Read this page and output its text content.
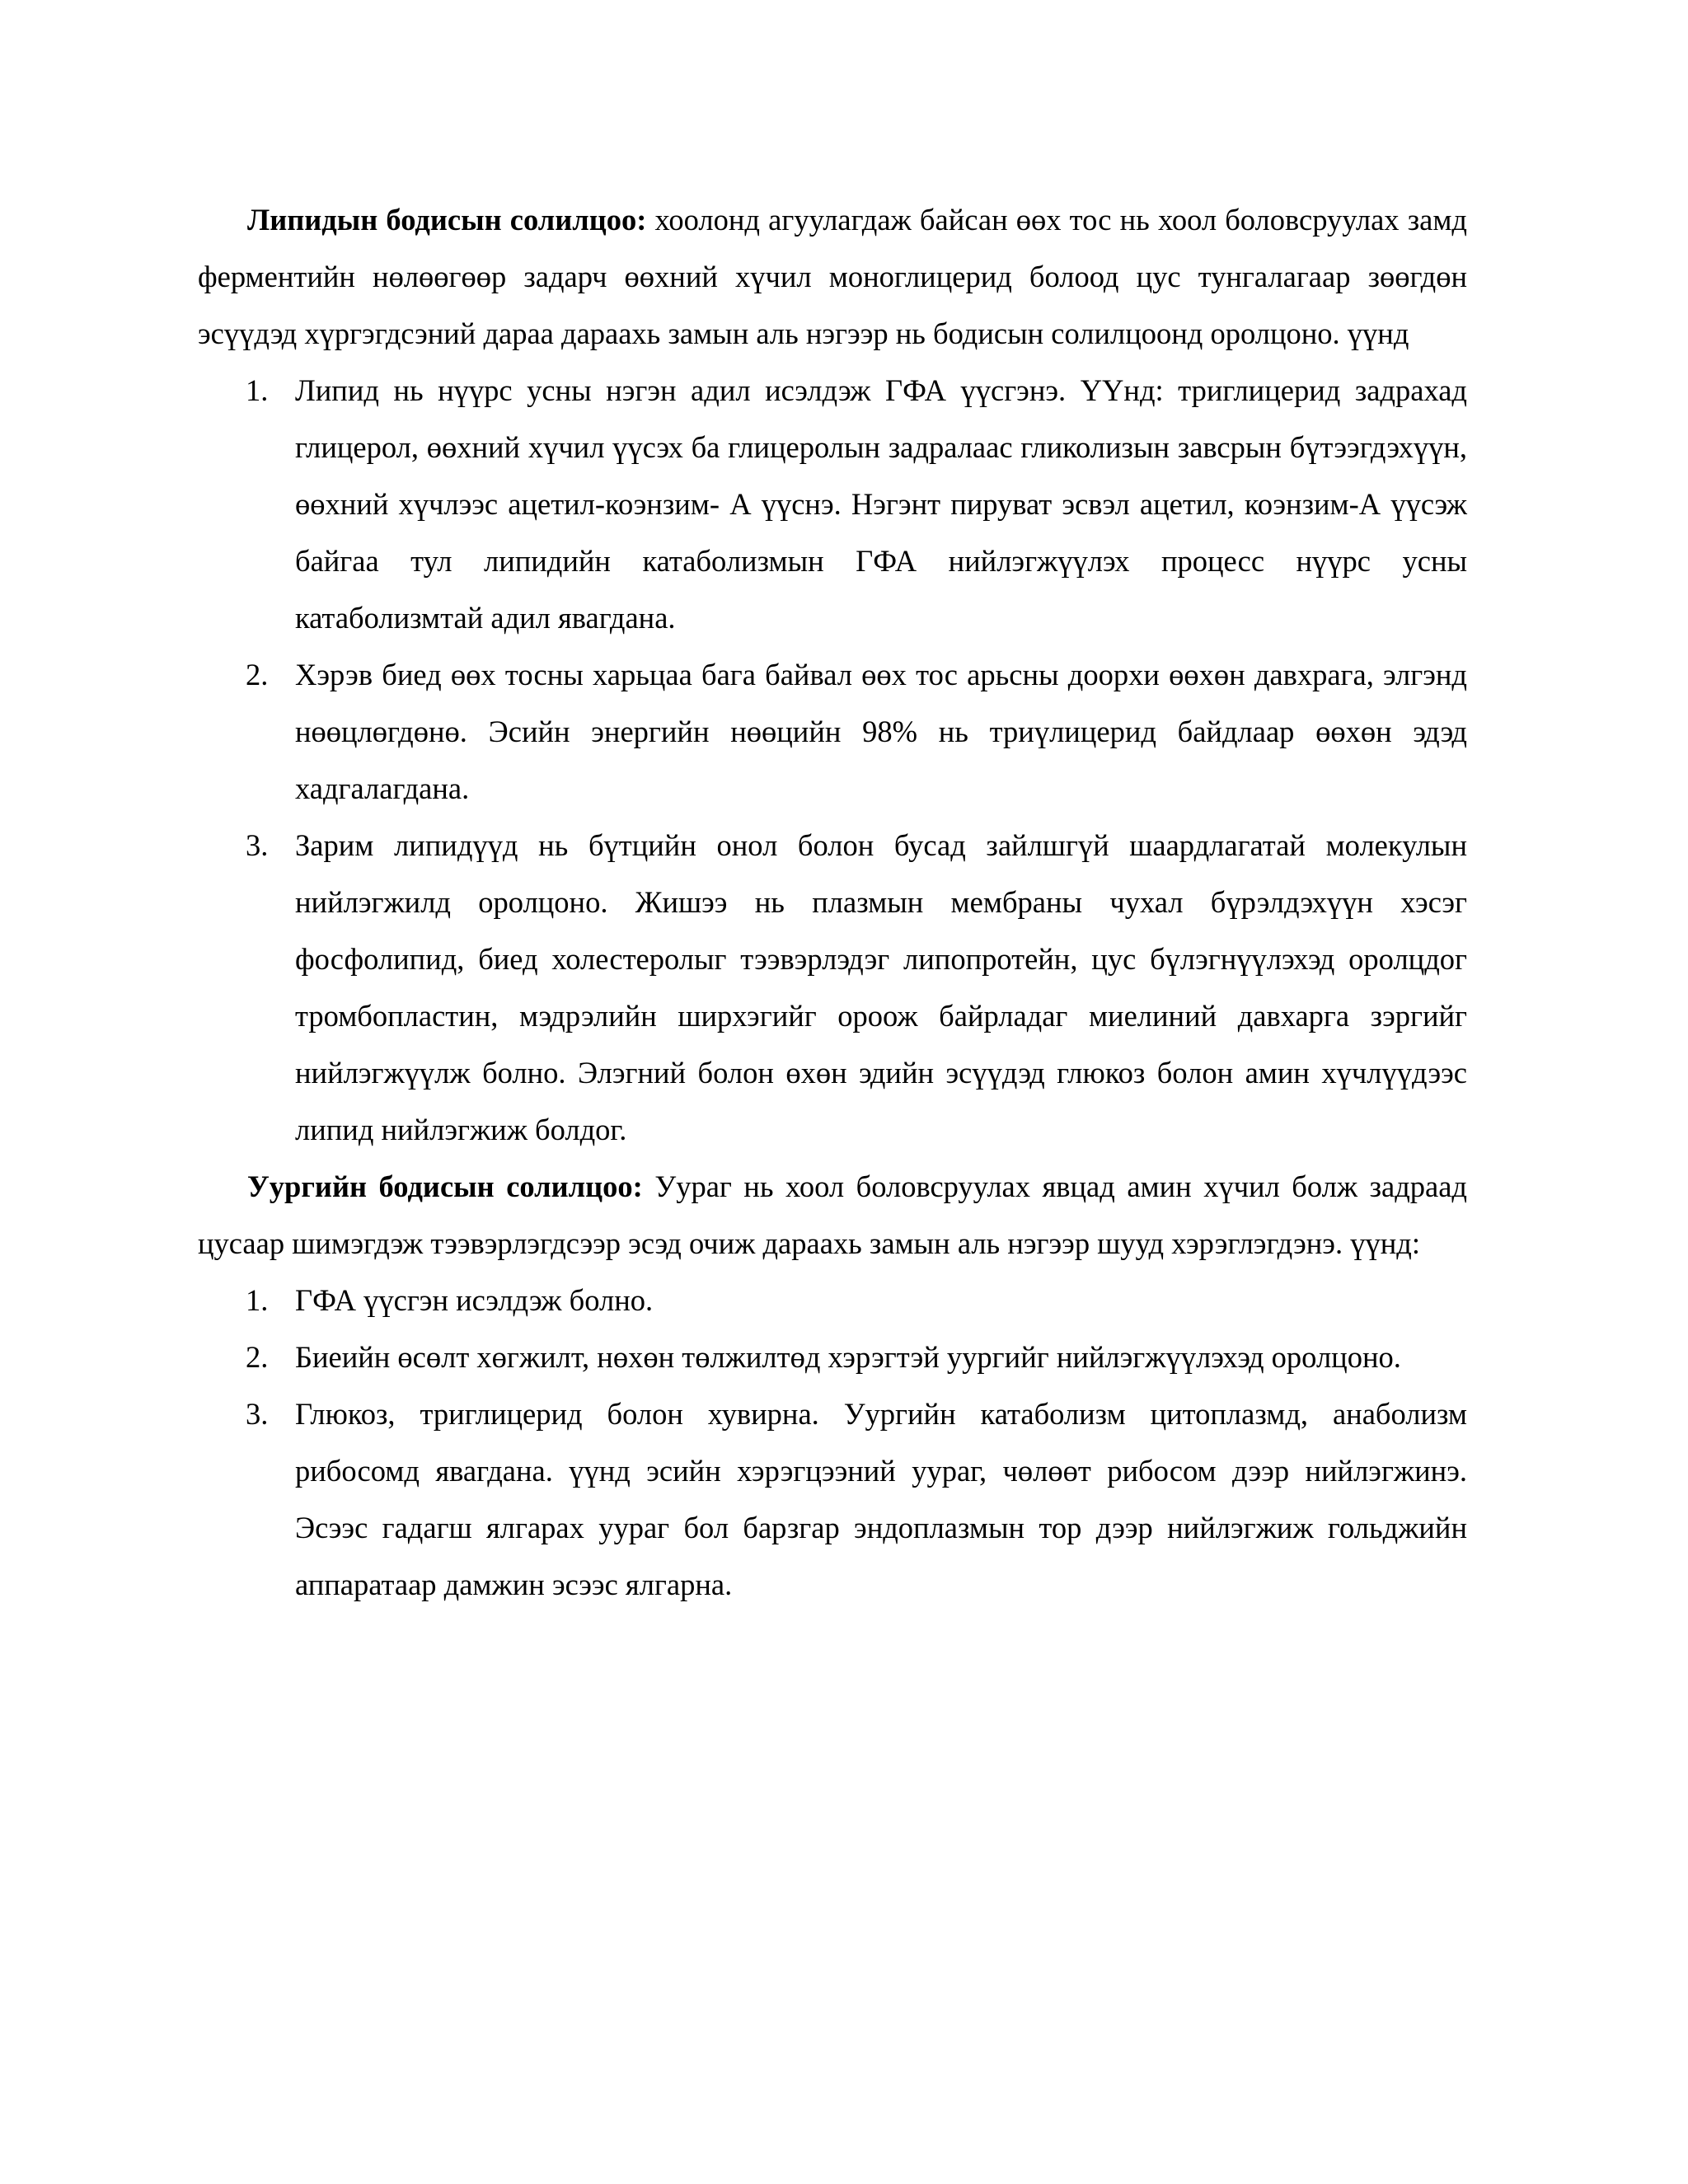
Липидын бодисын солилцоо: хоолонд агуулагдаж байсан өөх тос нь хоол боловсруулах замд ферментийн нөлөөгөөр задарч өөхний хүчил моноглицерид болоод цус тунгалагаар зөөгдөн эсүүдэд хүргэгдсэний дараа дараахь замын аль нэгээр нь бодисын солилцоонд оролцоно. үүнд

1. Липид нь нүүрс усны нэгэн адил исэлдэж ГФА үүсгэнэ. ҮҮнд: триглицерид задрахад глицерол, өөхний хүчил үүсэх ба глицеролын задралаас гликолизын завсрын бүтээгдэхүүн, өөхний хүчлээс ацетил-коэнзим- А үүснэ. Нэгэнт пируват эсвэл ацетил, коэнзим-А үүсэж байгаа тул липидийн катаболизмын ГФА нийлэгжүүлэх процесс нүүрс усны катаболизмтай адил явагдана.
2. Хэрэв биед өөх тосны харьцаа бага байвал өөх тос арьсны доорхи өөхөн давхрага, элгэнд нөөцлөгдөнө. Эсийн энергийн нөөцийн 98% нь триүлицерид байдлаар өөхөн эдэд хадгалагдана.
3. Зарим липидүүд нь бүтцийн онол болон бусад зайлшгүй шаардлагатай молекулын нийлэгжилд оролцоно. Жишээ нь плазмын мембраны чухал бүрэлдэхүүн хэсэг фосфолипид, биед холестеролыг тээвэрлэдэг липопротейн, цус бүлэгнүүлэхэд оролцдог тромбопластин, мэдрэлийн ширхэгийг ороож байрладаг миелиний давхарга зэргийг нийлэгжүүлж болно. Элэгний болон өхөн эдийн эсүүдэд глюкоз болон амин хүчлүүдээс липид нийлэгжиж болдог.

Уургийн бодисын солилцоо: Уураг нь хоол боловсруулах явцад амин хүчил болж задраад цусаар шимэгдэж тээвэрлэгдсээр эсэд очиж дараахь замын аль нэгээр шууд хэрэглэгдэнэ. үүнд:

1. ГФА үүсгэн исэлдэж болно.
2. Биеийн өсөлт хөгжилт, нөхөн төлжилтөд хэрэгтэй уургийг нийлэгжүүлэхэд оролцоно.
3. Глюкоз, триглицерид болон хувирна. Уургийн катаболизм цитоплазмд, анаболизм рибосомд явагдана. үүнд эсийн хэрэгцээний уураг, чөлөөт рибосом дээр нийлэгжинэ. Эсээс гадагш ялгарах уураг бол барзгар эндоплазмын тор дээр нийлэгжиж гольджийн аппаратаар дамжин эсээс ялгарна.
